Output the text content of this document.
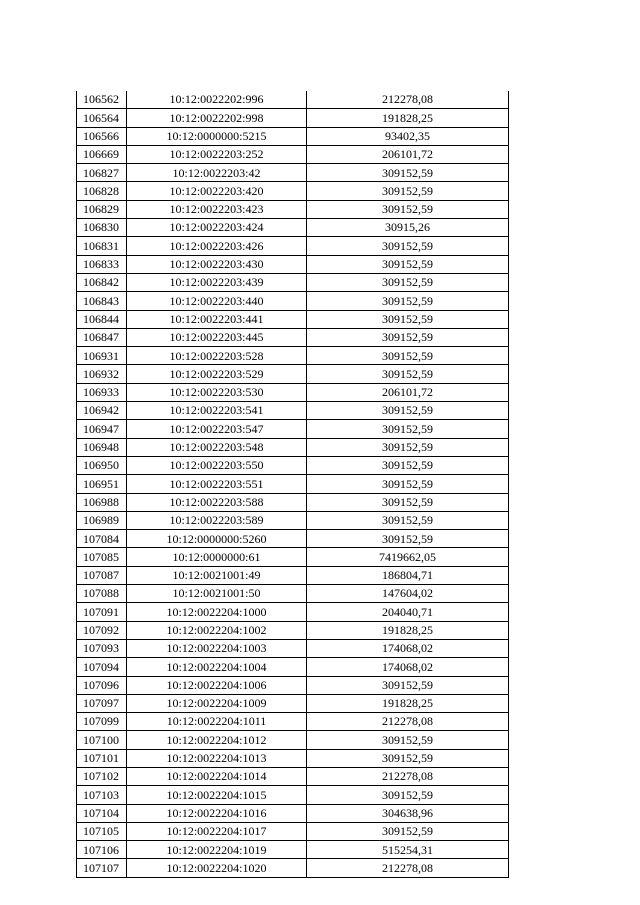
106562	10:12:0022202:996	212278,08
106564	10:12:0022202:998	191828,25
106566	10:12:0000000:5215	93402,35
106669	10:12:0022203:252	206101,72
106827	10:12:0022203:42	309152,59
106828	10:12:0022203:420	309152,59
106829	10:12:0022203:423	309152,59
106830	10:12:0022203:424	30915,26
106831	10:12:0022203:426	309152,59
106833	10:12:0022203:430	309152,59
106842	10:12:0022203:439	309152,59
106843	10:12:0022203:440	309152,59
106844	10:12:0022203:441	309152,59
106847	10:12:0022203:445	309152,59
106931	10:12:0022203:528	309152,59
106932	10:12:0022203:529	309152,59
106933	10:12:0022203:530	206101,72
106942	10:12:0022203:541	309152,59
106947	10:12:0022203:547	309152,59
106948	10:12:0022203:548	309152,59
106950	10:12:0022203:550	309152,59
106951	10:12:0022203:551	309152,59
106988	10:12:0022203:588	309152,59
106989	10:12:0022203:589	309152,59
107084	10:12:0000000:5260	309152,59
107085	10:12:0000000:61	7419662,05
107087	10:12:0021001:49	186804,71
107088	10:12:0021001:50	147604,02
107091	10:12:0022204:1000	204040,71
107092	10:12:0022204:1002	191828,25
107093	10:12:0022204:1003	174068,02
107094	10:12:0022204:1004	174068,02
107096	10:12:0022204:1006	309152,59
107097	10:12:0022204:1009	191828,25
107099	10:12:0022204:1011	212278,08
107100	10:12:0022204:1012	309152,59
107101	10:12:0022204:1013	309152,59
107102	10:12:0022204:1014	212278,08
107103	10:12:0022204:1015	309152,59
107104	10:12:0022204:1016	304638,96
107105	10:12:0022204:1017	309152,59
107106	10:12:0022204:1019	515254,31
107107	10:12:0022204:1020	212278,08
